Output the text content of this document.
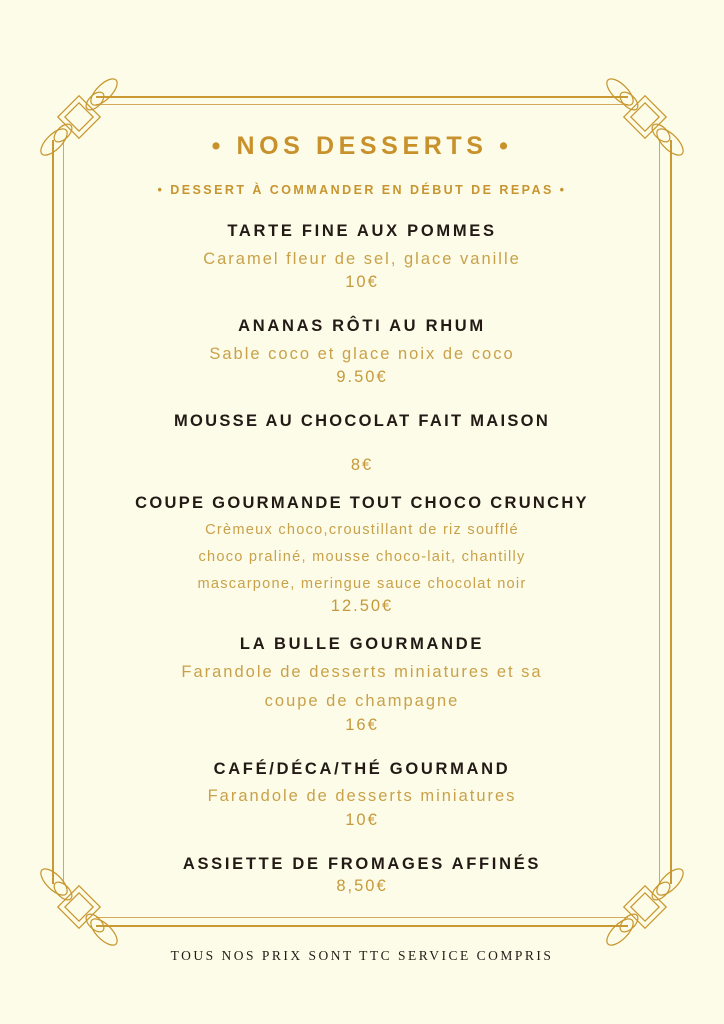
• NOS DESSERTS •
• DESSERT À COMMANDER EN DÉBUT DE REPAS •
TARTE FINE AUX POMMES
Caramel fleur de sel, glace vanille
10€
ANANAS RÔTI AU RHUM
Sable coco et glace noix de coco
9.50€
MOUSSE AU CHOCOLAT FAIT MAISON
8€
COUPE GOURMANDE TOUT CHOCO CRUNCHY
Crèmeux choco,croustillant de riz soufflé
choco praliné, mousse choco-lait, chantilly
mascarpone, meringue sauce chocolat noir
12.50€
LA BULLE GOURMANDE
Farandole de desserts miniatures et sa
coupe de champagne
16€
CAFÉ/DÉCA/THÉ GOURMAND
Farandole de desserts miniatures
10€
ASSIETTE DE FROMAGES AFFINÉS
8,50€
TOUS NOS PRIX SONT TTC SERVICE COMPRIS
